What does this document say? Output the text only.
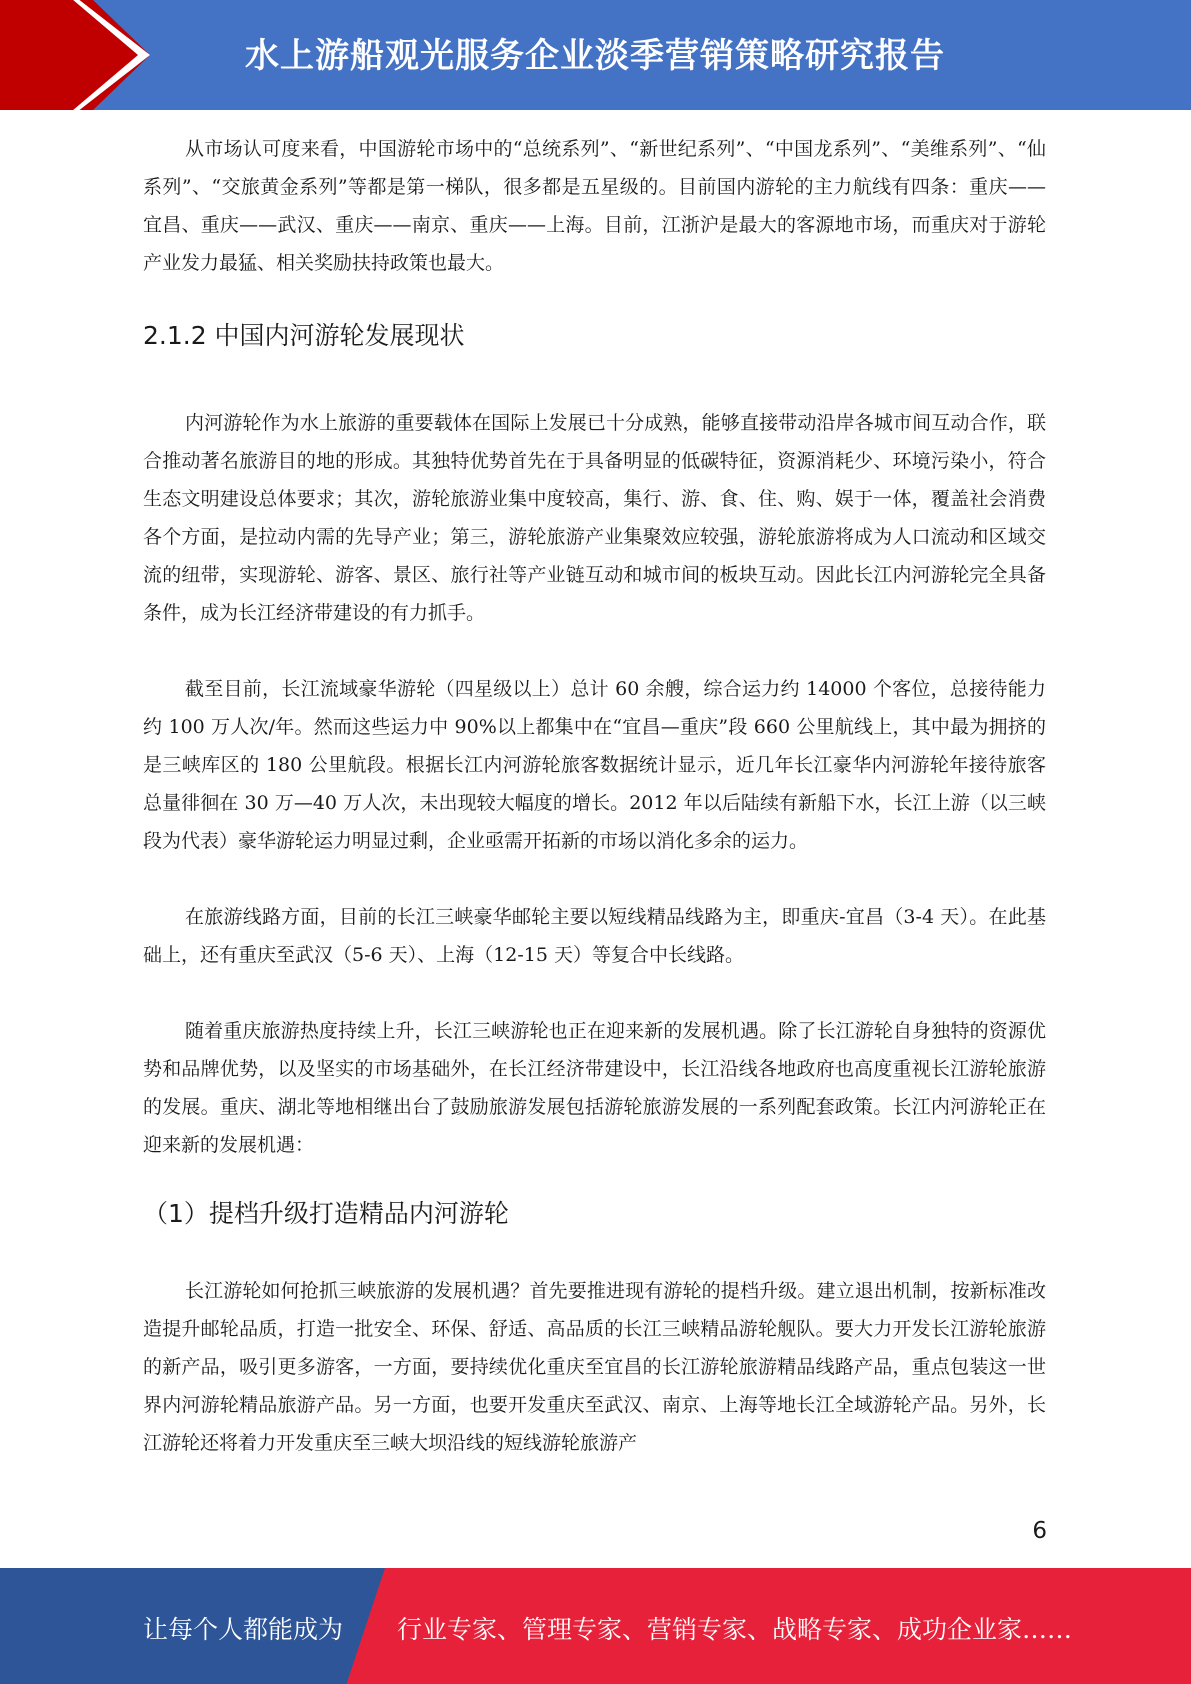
水上游船观光服务企业淡季营销策略研究报告

从市场认可度来看，中国游轮市场中的“总统系列”、“新世纪系列”、“中国龙系列”、“美维系列”、“仙系列”、“交旅黄金系列”等都是第一梯队，很多都是五星级的。目前国内游轮的主力航线有四条：重庆——宜昌、重庆——武汉、重庆——南京、重庆——上海。目前，江浙沪是最大的客源地市场，而重庆对于游轮产业发力最猛、相关奖励扶持政策也最大。

2.1.2 中国内河游轮发展现状

内河游轮作为水上旅游的重要载体在国际上发展已十分成熟，能够直接带动沿岸各城市间互动合作，联合推动著名旅游目的地的形成。其独特优势首先在于具备明显的低碳特征，资源消耗少、环境污染小，符合生态文明建设总体要求；其次，游轮旅游业集中度较高，集行、游、食、住、购、娱于一体，覆盖社会消费各个方面，是拉动内需的先导产业；第三，游轮旅游产业集聚效应较强，游轮旅游将成为人口流动和区域交流的纽带，实现游轮、游客、景区、旅行社等产业链互动和城市间的板块互动。因此长江内河游轮完全具备条件，成为长江经济带建设的有力抓手。

截至目前，长江流域豪华游轮（四星级以上）总计 60 余艘，综合运力约 14000 个客位，总接待能力约 100 万人次/年。然而这些运力中 90%以上都集中在“宜昌—重庆”段 660 公里航线上，其中最为拥挤的是三峡库区的 180 公里航段。根据长江内河游轮旅客数据统计显示，近几年长江豪华内河游轮年接待旅客总量徘徊在 30 万—40 万人次，未出现较大幅度的增长。2012 年以后陆续有新船下水，长江上游（以三峡段为代表）豪华游轮运力明显过剩，企业亟需开拓新的市场以消化多余的运力。

在旅游线路方面，目前的长江三峡豪华邮轮主要以短线精品线路为主，即重庆-宜昌（3-4 天）。在此基础上，还有重庆至武汉（5-6 天）、上海（12-15 天）等复合中长线路。

随着重庆旅游热度持续上升，长江三峡游轮也正在迎来新的发展机遇。除了长江游轮自身独特的资源优势和品牌优势，以及坚实的市场基础外，在长江经济带建设中，长江沿线各地政府也高度重视长江游轮旅游的发展。重庆、湖北等地相继出台了鼓励旅游发展包括游轮旅游发展的一系列配套政策。长江内河游轮正在迎来新的发展机遇：

（1）提档升级打造精品内河游轮

长江游轮如何抢抓三峡旅游的发展机遇？首先要推进现有游轮的提档升级。建立退出机制，按新标准改造提升邮轮品质，打造一批安全、环保、舒适、高品质的长江三峡精品游轮舰队。要大力开发长江游轮旅游的新产品，吸引更多游客，一方面，要持续优化重庆至宜昌的长江游轮旅游精品线路产品，重点包装这一世界内河游轮精品旅游产品。另一方面，也要开发重庆至武汉、南京、上海等地长江全域游轮产品。另外，长江游轮还将着力开发重庆至三峡大坝沿线的短线游轮旅游产

6
让每个人都能成为 行业专家、管理专家、营销专家、战略专家、成功企业家……
